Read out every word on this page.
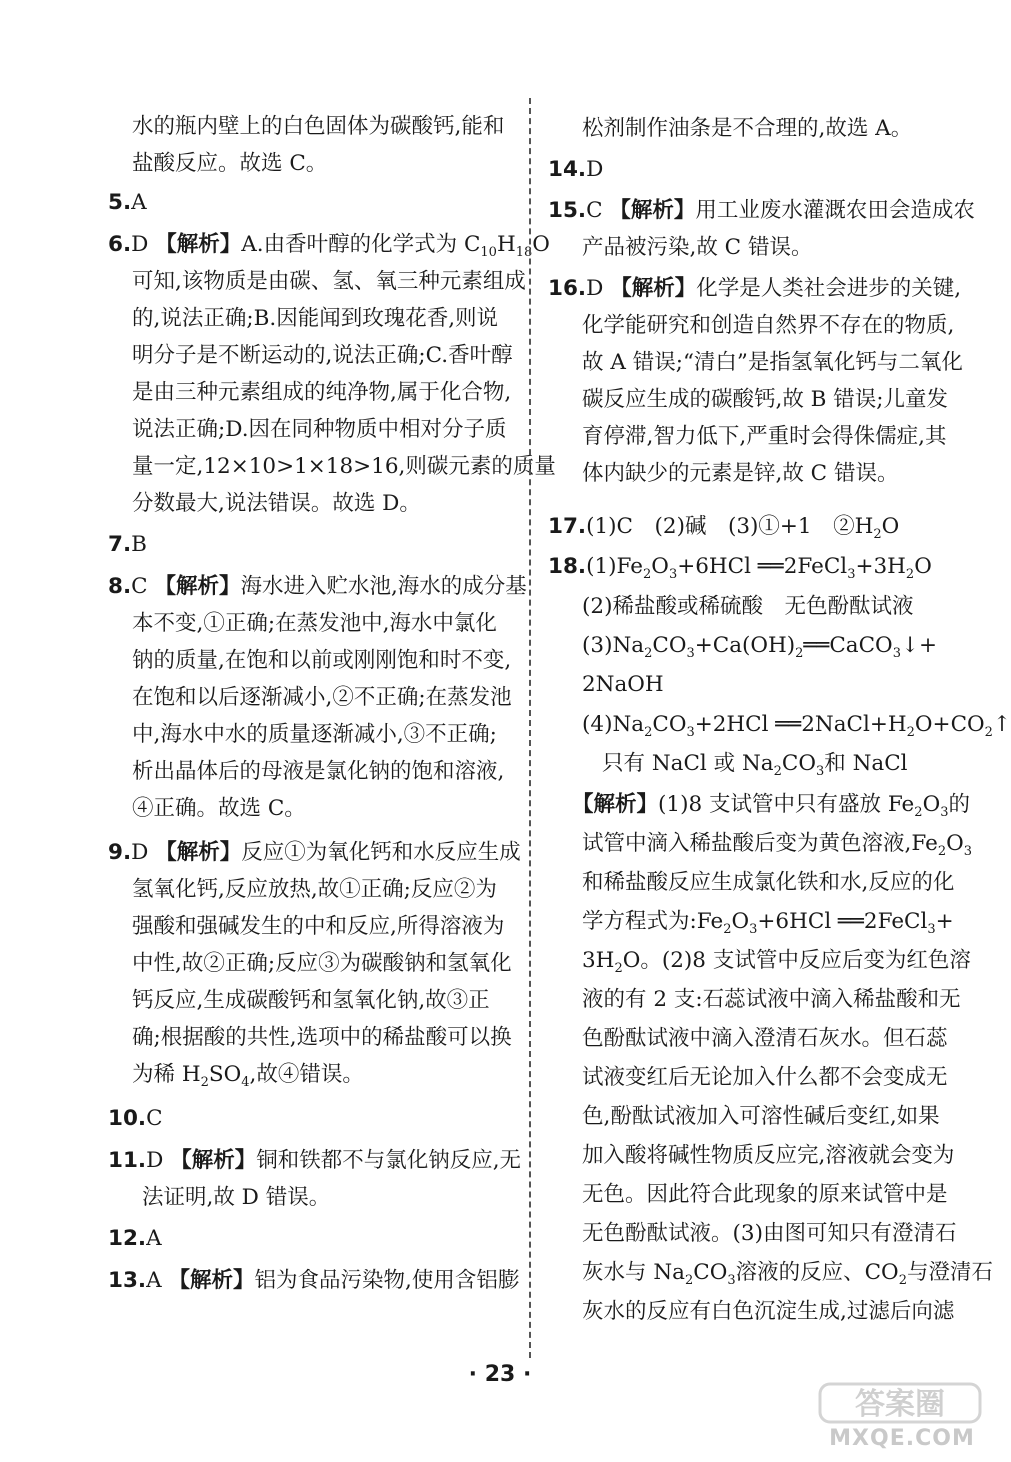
水的瓶内壁上的白色固体为碳酸钙,能和
盐酸反应。故选 C。
5.A
6.D 【解析】A.由香叶醇的化学式为 $C_{10}H_{18}O$
可知,该物质是由碳、氢、氧三种元素组成
的,说法正确;B.因能闻到玫瑰花香,则说
明分子是不断运动的,说法正确;C.香叶醇
是由三种元素组成的纯净物,属于化合物,
说法正确;D.因在同种物质中相对分子质
量一定,12×10>1×18>16,则碳元素的质量
分数最大,说法错误。故选 D。
7.B
8.C 【解析】海水进入贮水池,海水的成分基
本不变,①正确;在蒸发池中,海水中氯化
钠的质量,在饱和以前或刚刚饱和时不变,
在饱和以后逐渐减小,②不正确;在蒸发池
中,海水中水的质量逐渐减小,③不正确;
析出晶体后的母液是氯化钠的饱和溶液,
④正确。故选 C。
9.D 【解析】反应①为氧化钙和水反应生成
氢氧化钙,反应放热,故①正确;反应②为
强酸和强碱发生的中和反应,所得溶液为
中性,故②正确;反应③为碳酸钠和氢氧化
钙反应,生成碳酸钙和氢氧化钠,故③正
确;根据酸的共性,选项中的稀盐酸可以换
为稀 $H_2SO_4$,故④错误。
10.C
11.D 【解析】铜和铁都不与氯化钠反应,无
法证明,故 D 错误。
12.A
13.A 【解析】铝为食品污染物,使用含铝膨
松剂制作油条是不合理的,故选 A。
14.D
15.C 【解析】用工业废水灌溉农田会造成农
产品被污染,故 C 错误。
16.D 【解析】化学是人类社会进步的关键,
化学能研究和创造自然界不存在的物质,
故 A 错误;“清白”是指氢氧化钙与二氧化
碳反应生成的碳酸钙,故 B 错误;儿童发
育停滞,智力低下,严重时会得侏儒症,其
体内缺少的元素是锌,故 C 错误。
17.(1)C　(2)碱　(3)①+1　$②H_2O$
$18.(1)Fe_2O_3+6HCl$ $══2FeCl_3+3H_2O$
(2)稀盐酸或稀硫酸　无色酚酞试液
$(3)Na_2CO_3+Ca(OH)_2══CaCO_3↓+$
2NaOH
$(4)Na_2CO_3+2HCl$ $══2NaCl+H_2O+CO_2↑$
只有 NaCl 或 $Na_2CO_3$和 NaCl
【解析】(1)8 支试管中只有盛放 $Fe_2O_3$的
试管中滴入稀盐酸后变为黄色溶液$,Fe_2O_3$
和稀盐酸反应生成氯化铁和水,反应的化
学方程式为$:Fe_2O_3+6HCl$ ══2FeCl$_3$+
$3H_2O$。(2)8 支试管中反应后变为红色溶
液的有 2 支:石蕊试液中滴入稀盐酸和无
色酚酞试液中滴入澄清石灰水。但石蕊
试液变红后无论加入什么都不会变成无
色,酚酞试液加入可溶性碱后变红,如果
加入酸将碱性物质反应完,溶液就会变为
无色。因此符合此现象的原来试管中是
无色酚酞试液。(3)由图可知只有澄清石
灰水与 $Na_2CO_3$溶液的反应、$CO_2$与澄清石
灰水的反应有白色沉淀生成,过滤后向滤
· 23 ·
答案圈
MXQE.COM
